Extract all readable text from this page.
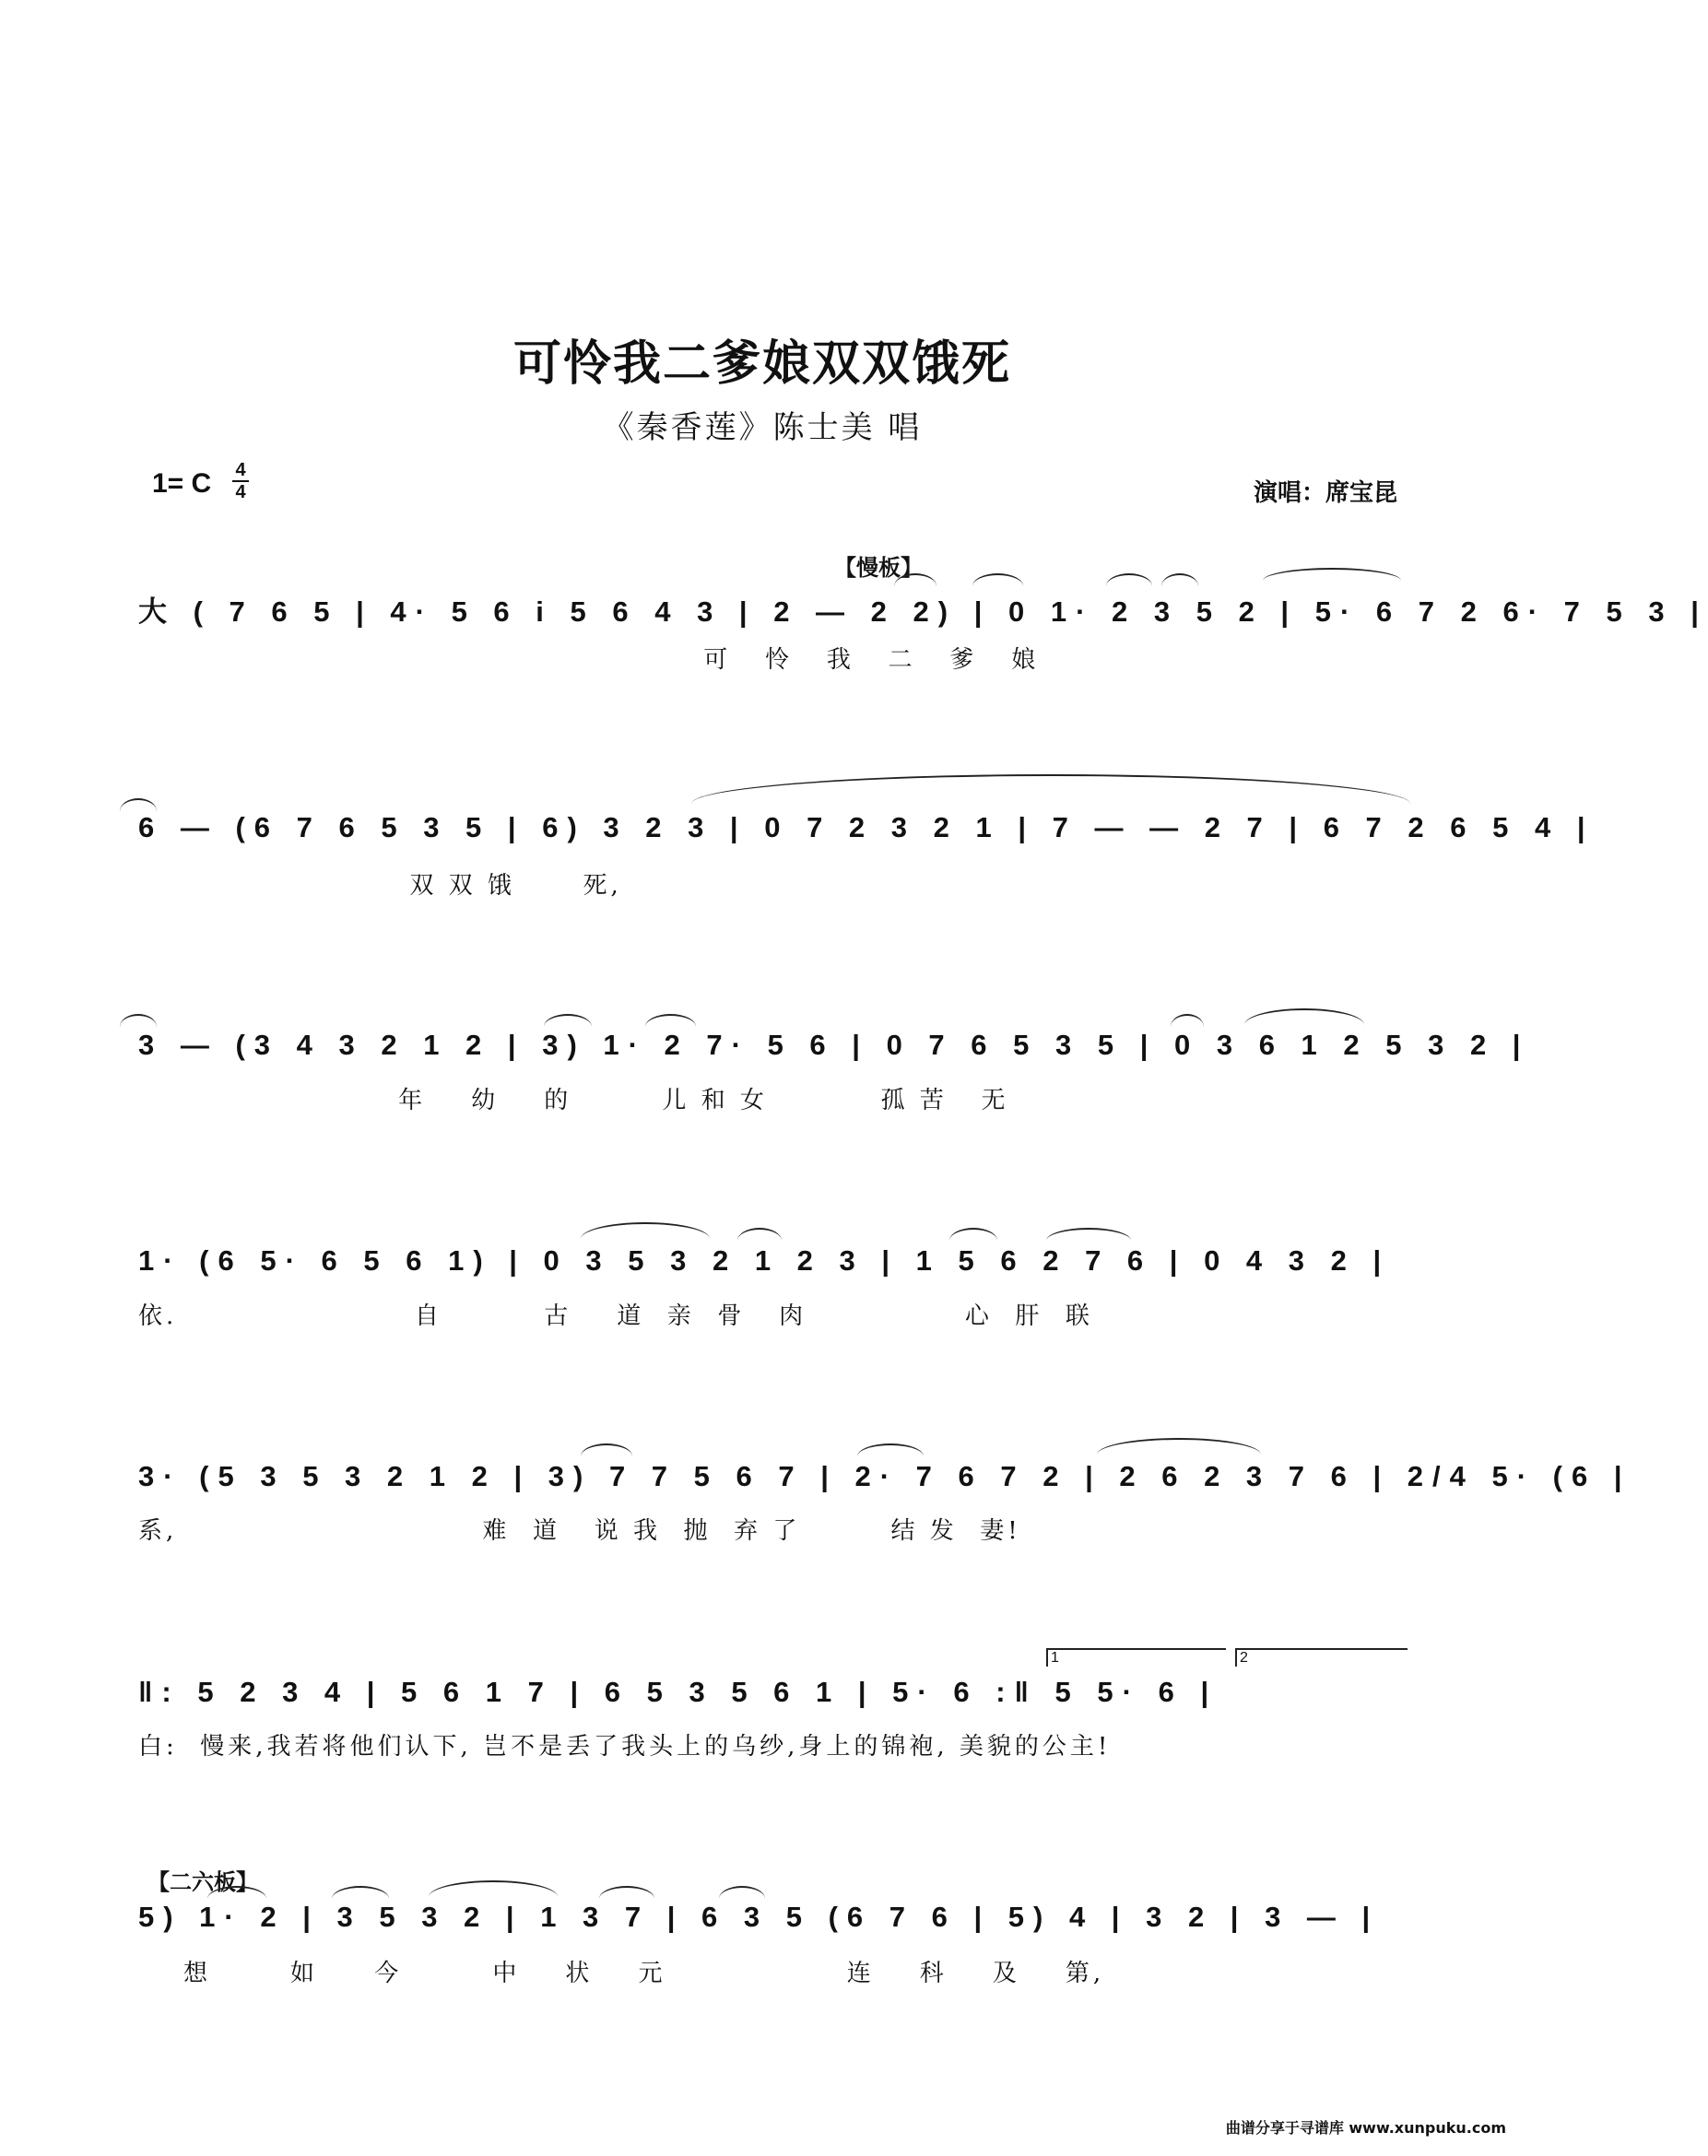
可怜我二爹娘双双饿死
《秦香莲》陈士美 唱
1= C 4
4	演唱：席宝昆
【慢板】
大 ( 7 6 5 | 4· 5 6 i 5 6 4 3 | 2 — 2 2) | 0 1· 2 3 5 2 | 5· 6 7 2 6· 7 5 3 |
可   怜   我   二   爹   娘
6 — (6 7 6 5 3 5 | 6) 3 2 3 | 0 7 2 3 2 1 | 7 — — 2 7 | 6 7 2 6 5 4 |
双 双 饿      死,
3 — (3 4 3 2 1 2 | 3) 1· 2 7· 5 6 | 0 7 6 5 3 5 | 0 3 6 1 2 5 3 2 |
年    幼    的        儿 和 女          孤 苦   无
1· (6 5· 6 5 6 1) | 0 3 5 3 2 1 2 3 | 1 5 6 2 7 6 | 0 4 3 2 |
依.                     自         古    道  亲  骨   肉              心  肝  联
3· (5 3 5 3 2 1 2 | 3) 7 7 5 6 7 | 2· 7 6 7 2 | 2 6 2 3 7 6 | 2/4 5· (6 |
系,                           难  道   说 我  抛  弃 了        结 发  妻!
1	2
‖: 5 2 3 4 | 5 6 1 7 | 6 5 3 5 6 1 | 5· 6 :‖ 5 5· 6 |
白:  慢来,我若将他们认下, 岂不是丢了我头上的乌纱,身上的锦袍, 美貌的公主!
【二六板】
5) 1· 2 | 3 5 3 2 | 1 3 7 | 6 3 5 (6 7 6 | 5) 4 | 3 2 | 3 — |
想       如     今        中    状    元                连    科    及    第,
曲谱分享于寻谱库 www.xunpuku.com
